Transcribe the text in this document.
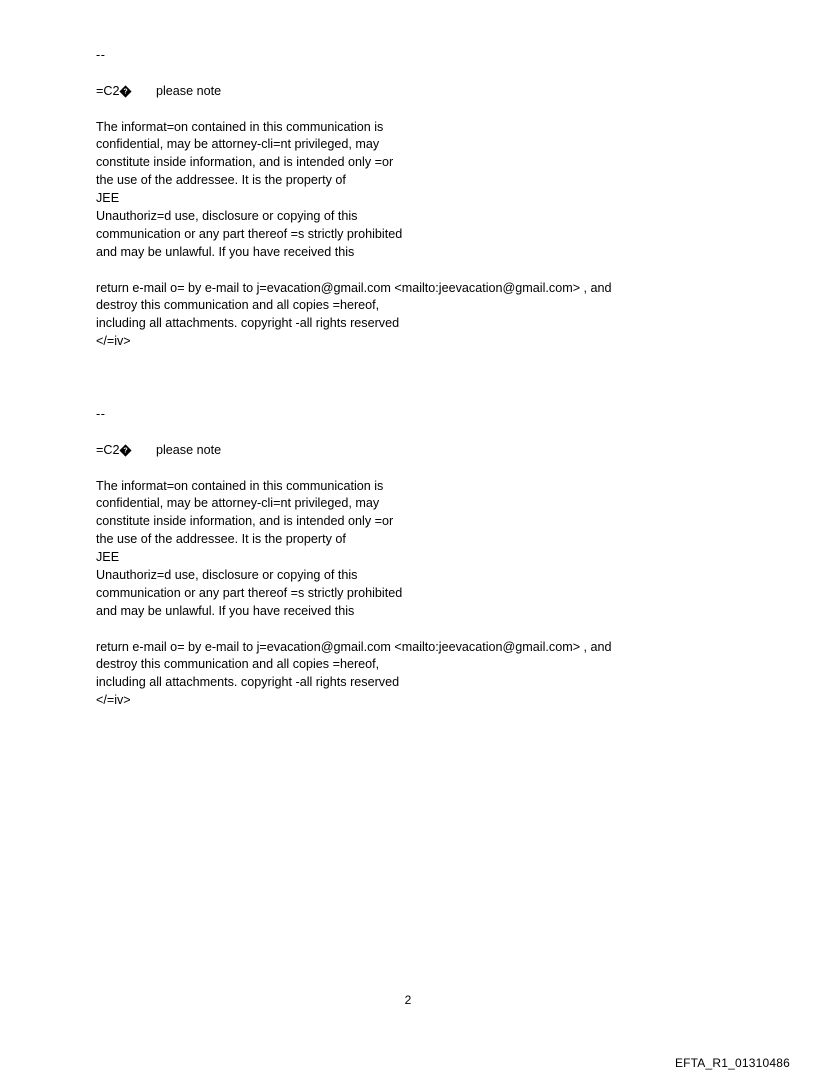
--
=C2 ?	please note
The informat=on contained in this communication is
confidential, may be attorney-cli=nt privileged, may
constitute inside information, and is intended only =or
the use of the addressee. It is the property of
JEE
Unauthoriz=d use, disclosure or copying of this
communication or any part thereof =s strictly prohibited
and may be unlawful. If you have received this
return e-mail o= by e-mail to j=evacation@gmail.com <mailto:jeevacation@gmail.com> , and
destroy this communication and all copies =hereof,
including all attachments. copyright -all rights reserved
</=iv>
--
=C2 ?	please note
The informat=on contained in this communication is
confidential, may be attorney-cli=nt privileged, may
constitute inside information, and is intended only =or
the use of the addressee. It is the property of
JEE
Unauthoriz=d use, disclosure or copying of this
communication or any part thereof =s strictly prohibited
and may be unlawful. If you have received this
return e-mail o= by e-mail to j=evacation@gmail.com <mailto:jeevacation@gmail.com> , and
destroy this communication and all copies =hereof,
including all attachments. copyright -all rights reserved
</=iv>
2
EFTA_R1_01310486
